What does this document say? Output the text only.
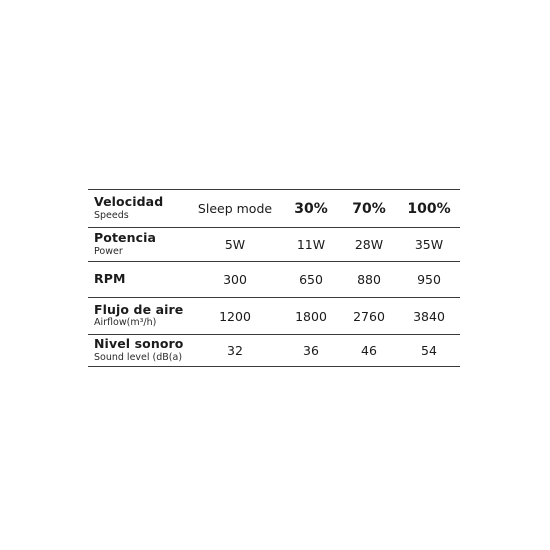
Velocidad
Speeds	Sleep mode	30%	70%	100%
Potencia
Power	5W	11W	28W	35W
RPM	300	650	880	950
Flujo de aire
Airflow(m³/h)	1200	1800	2760	3840
Nivel sonoro
Sound level (dB(a)	32	36	46	54
